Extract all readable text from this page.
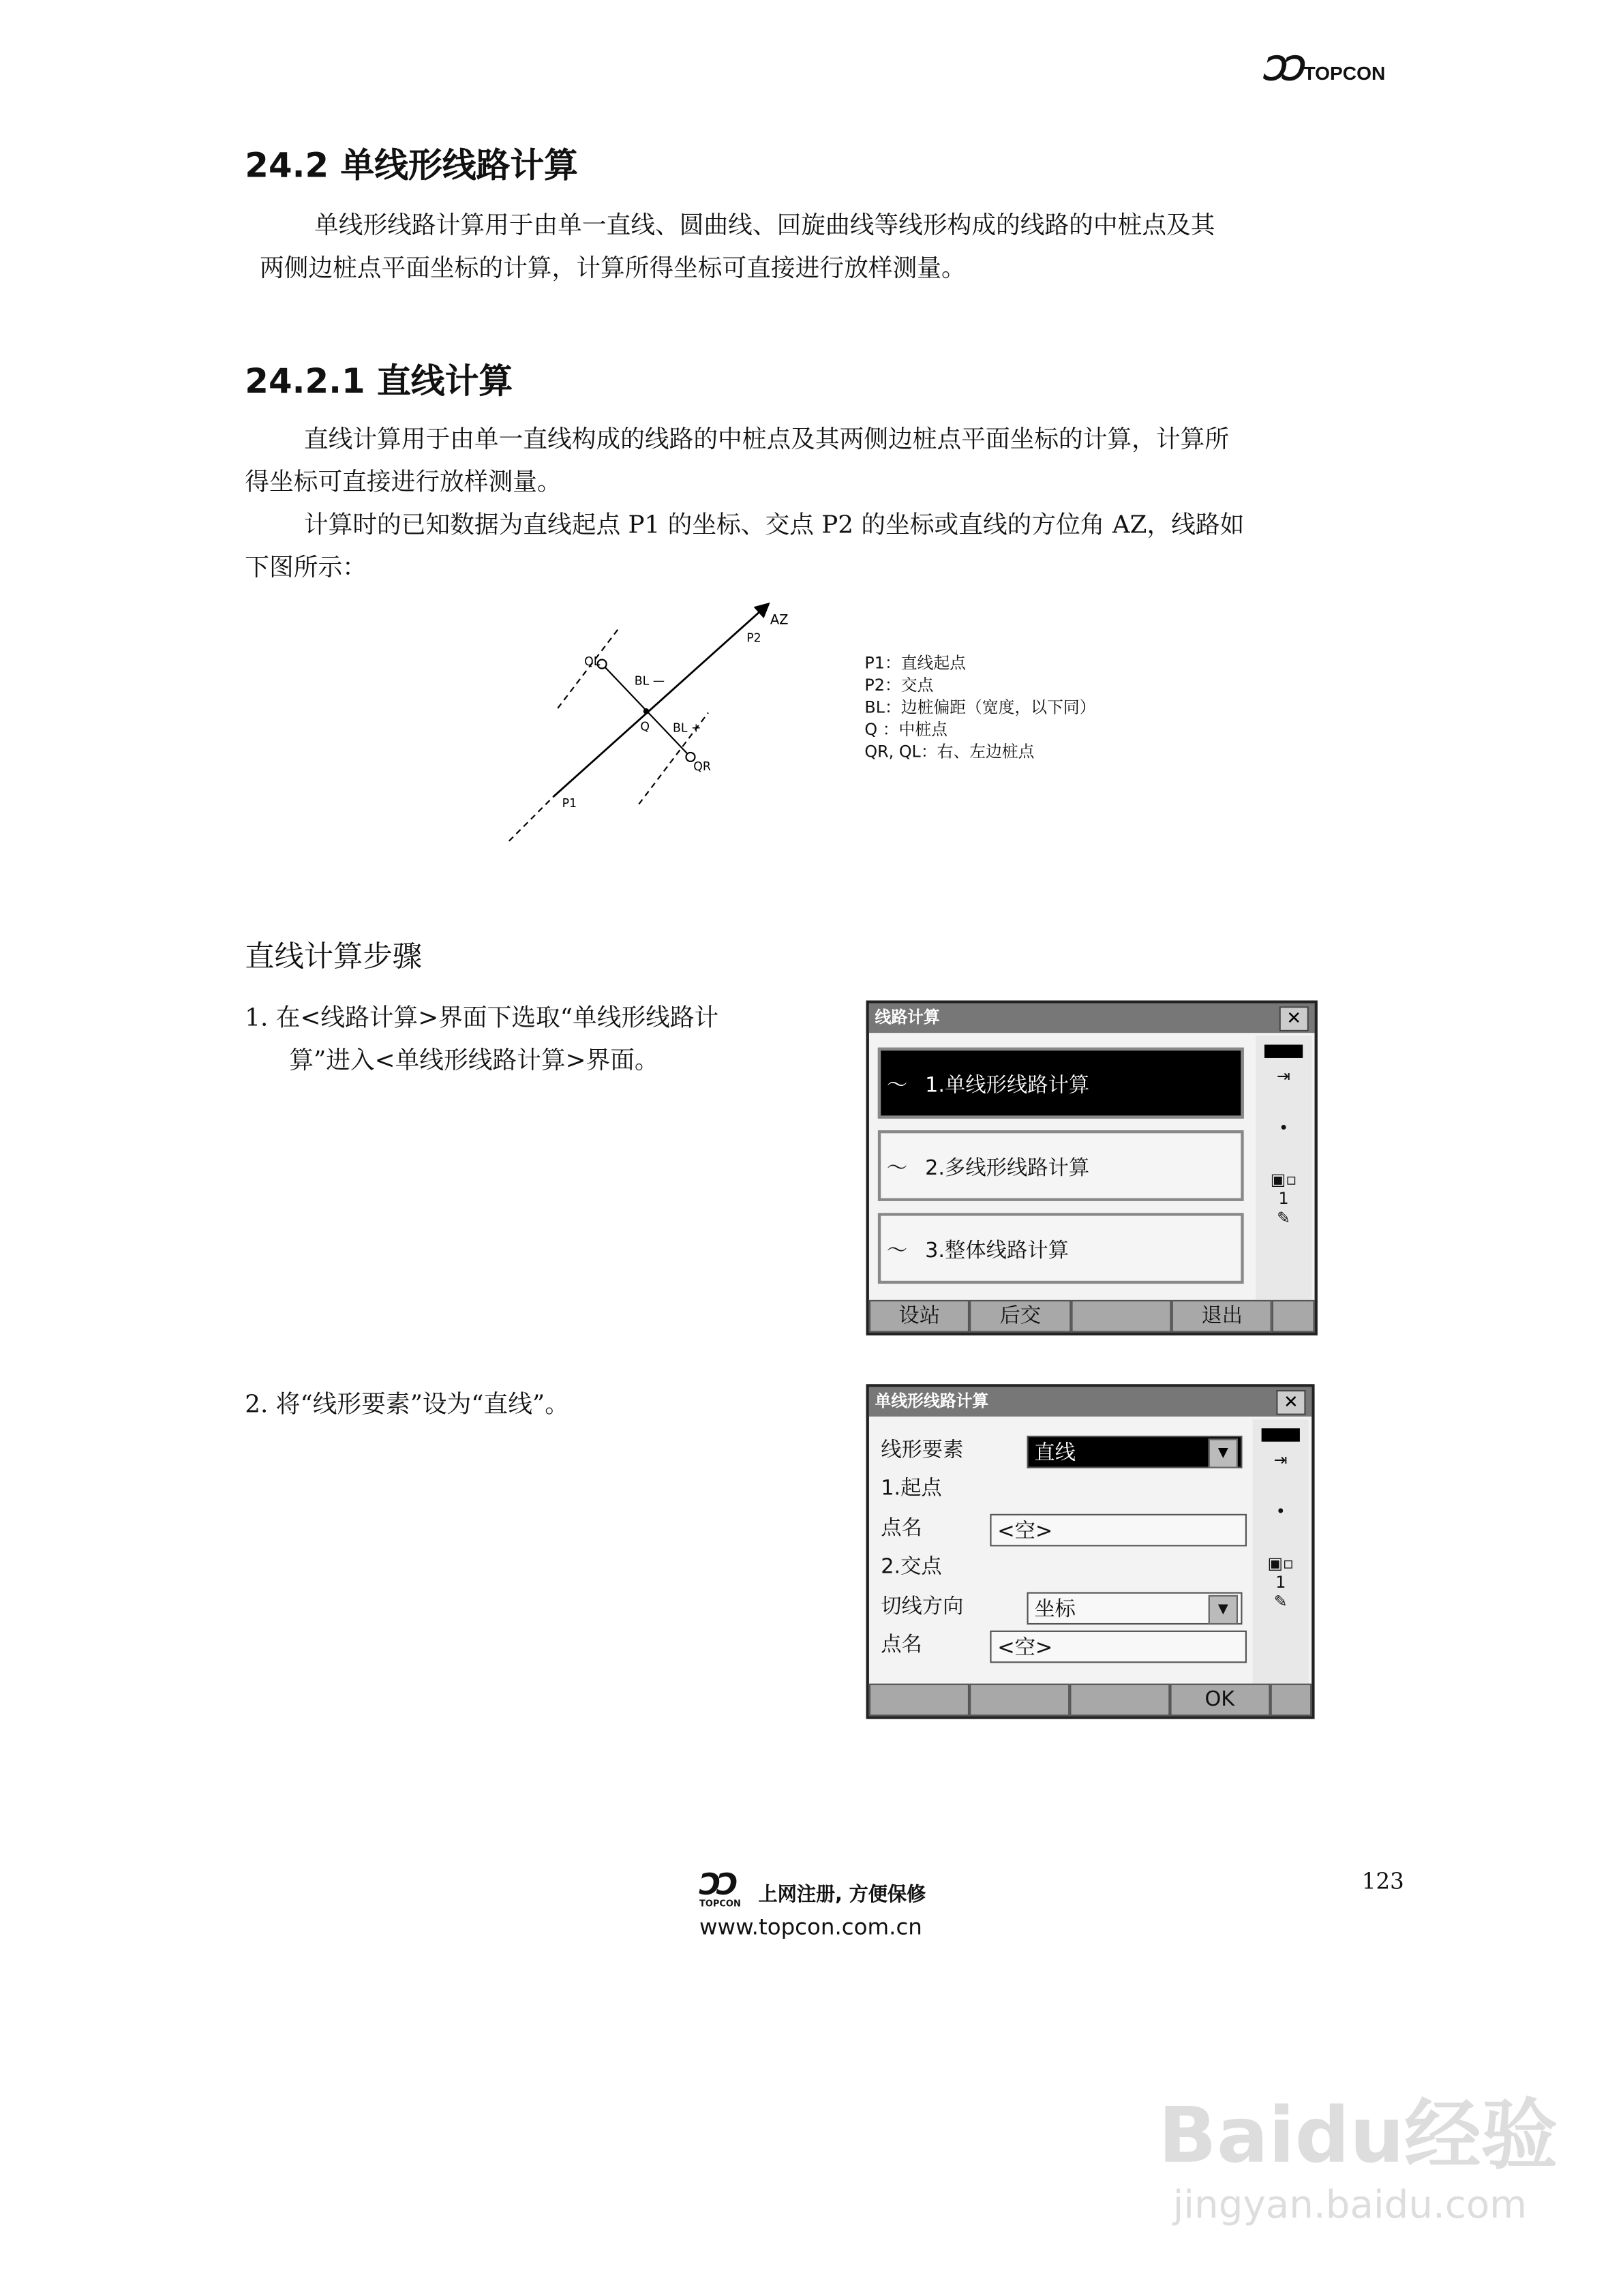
ꓛꓛ TOPCON
24.2 单线形线路计算
单线形线路计算用于由单一直线、圆曲线、回旋曲线等线形构成的线路的中桩点及其
两侧边桩点平面坐标的计算，计算所得坐标可直接进行放样测量。
24.2.1 直线计算
直线计算用于由单一直线构成的线路的中桩点及其两侧边桩点平面坐标的计算，计算所
得坐标可直接进行放样测量。
计算时的已知数据为直线起点 P1 的坐标、交点 P2 的坐标或直线的方位角 AZ，线路如
下图所示：
AZ
P2
QL
BL —
Q	BL +
QR
P1
P1：直线起点
P2：交点
BL：边桩偏距（宽度，以下同）
Q ：中桩点
QR, QL：右、左边桩点
直线计算步骤
1. 在<线路计算>界面下选取“单线形线路计
算”进入<单线形线路计算>界面。
2. 将“线形要素”设为“直线”。
线路计算	✕
〜 1.单线形线路计算
〜 2.多线形线路计算
〜 3.整体线路计算
⇥
•
▣▫
1
✎
设站	后交	退出
单线形线路计算	✕
线形要素	直线	▼
1.起点
点名	<空>
2.交点
切线方向	坐标	▼
点名	<空>
⇥
•
▣▫
1
✎
OK
ꓛꓛ
TOPCON 上网注册, 方便保修
www.topcon.com.cn
123
Baidu经验
jingyan.baidu.com
